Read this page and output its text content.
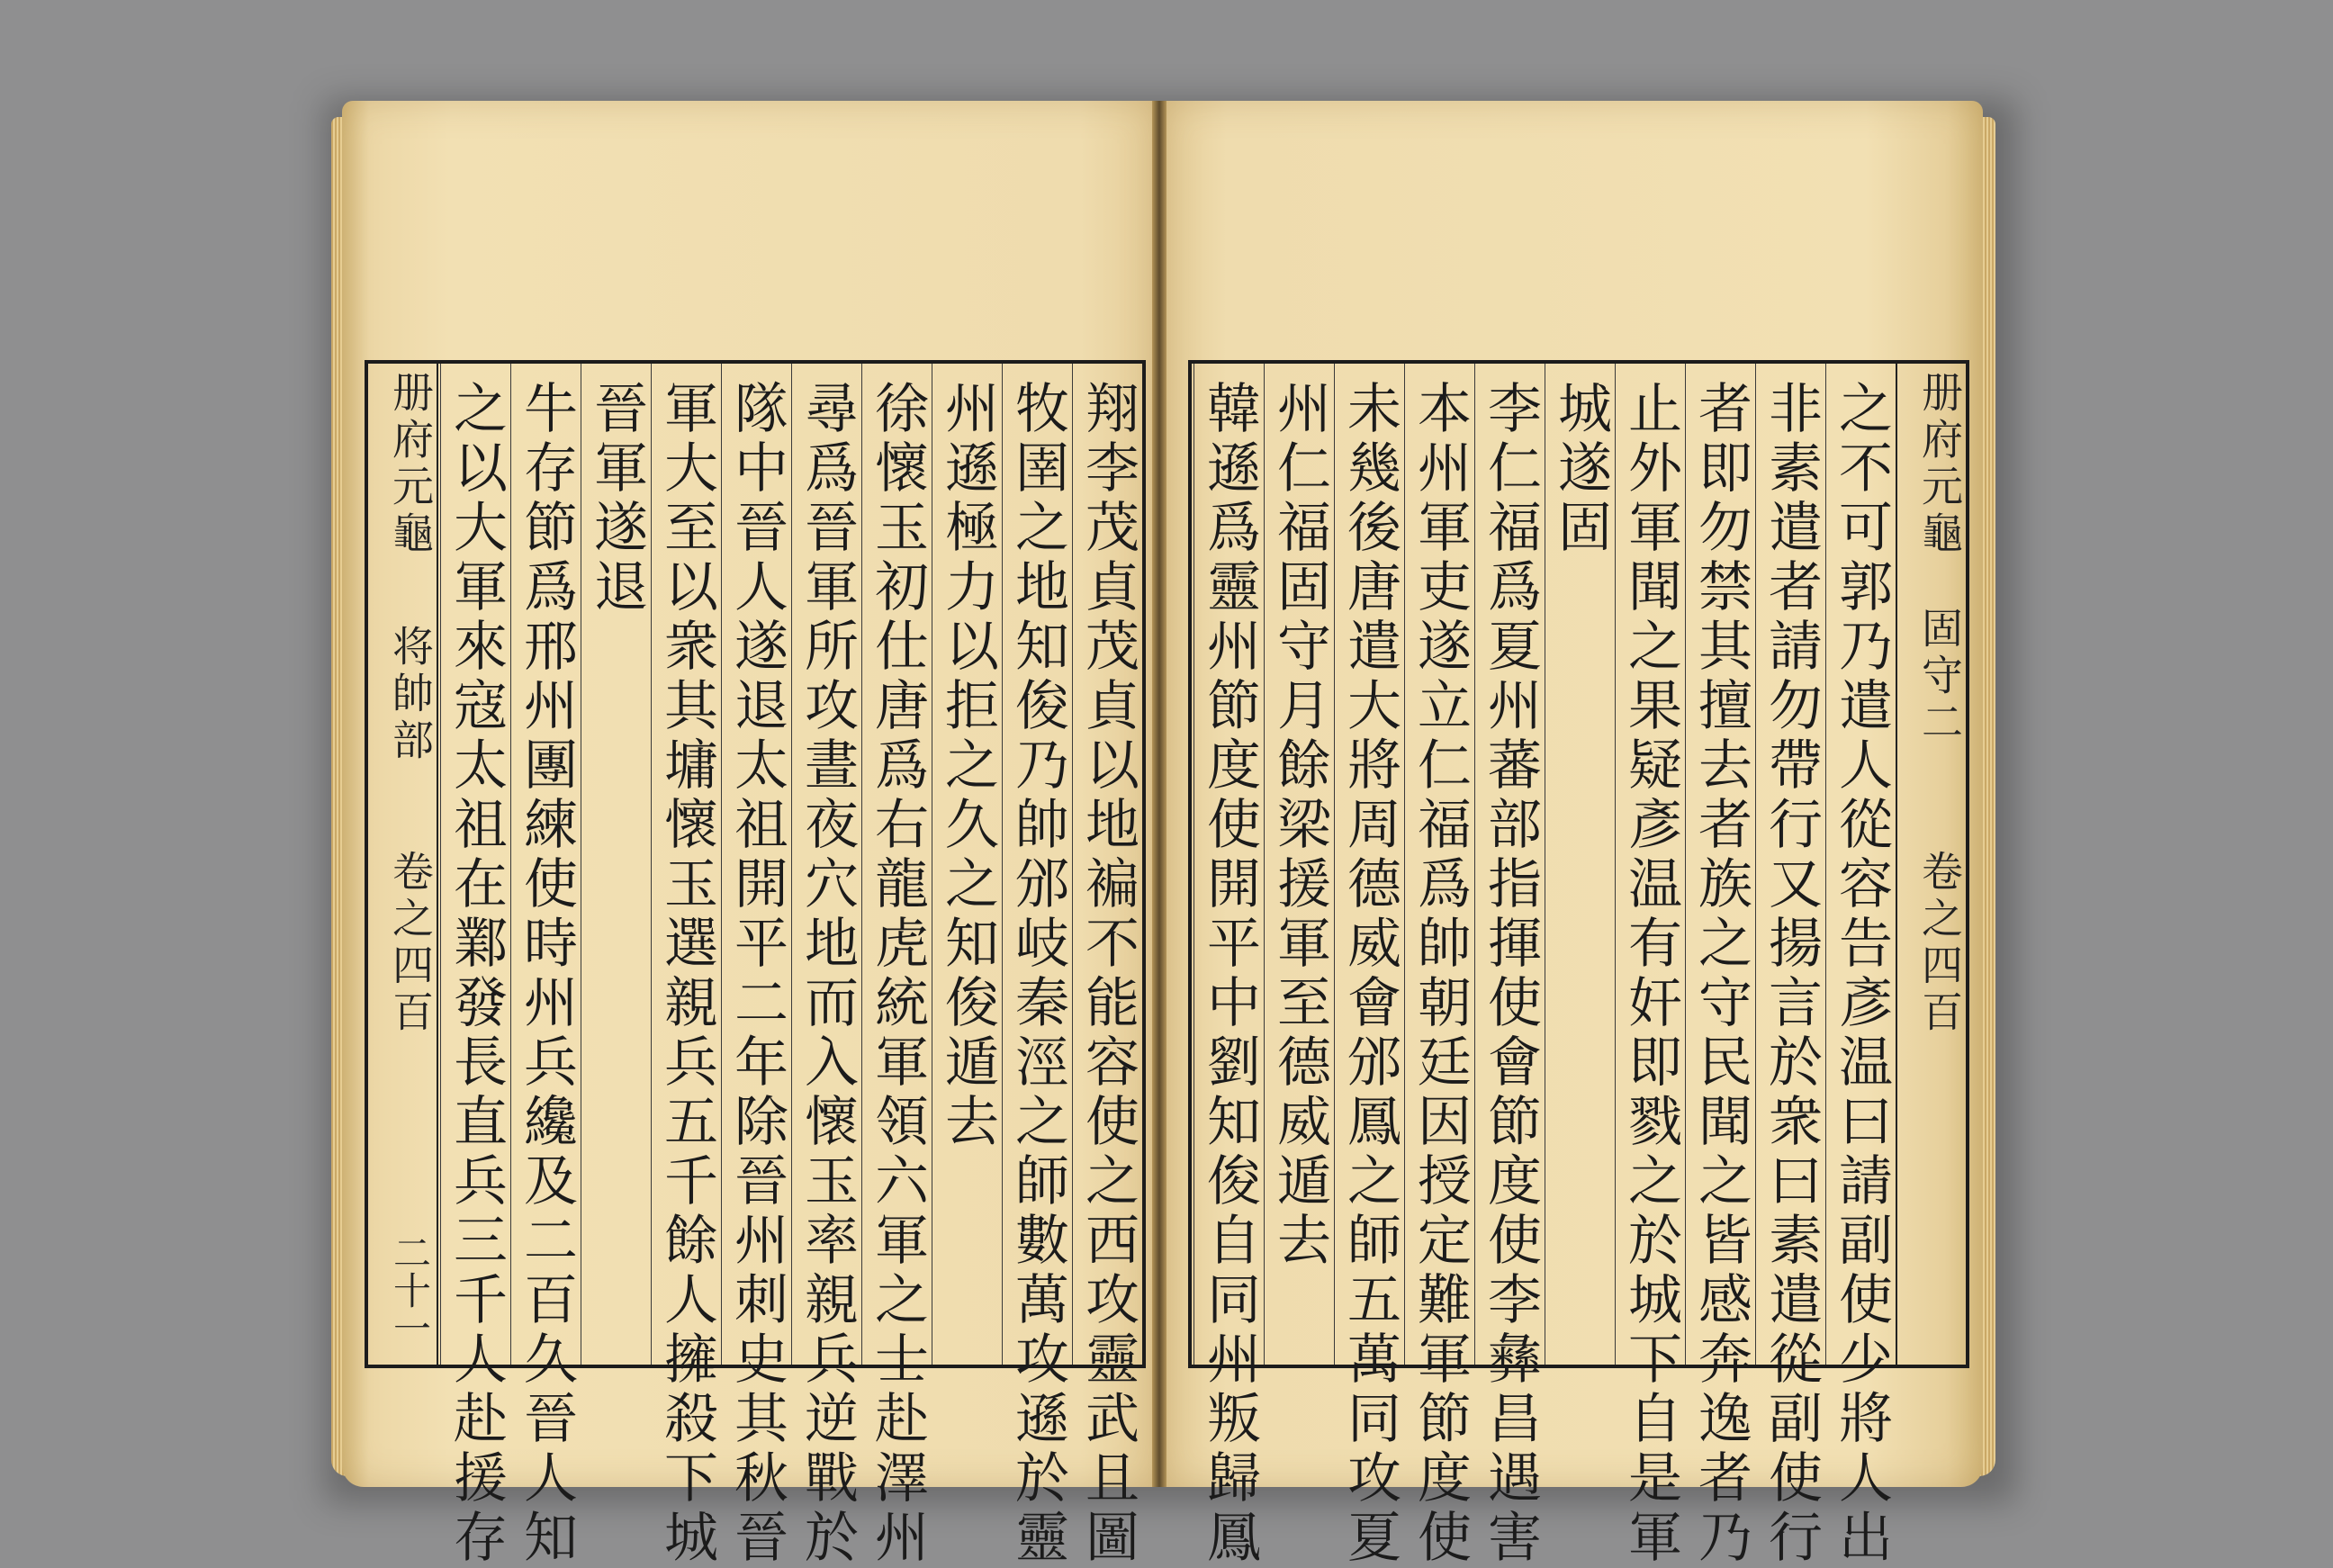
册府元龜
将帥部
卷之四百
二十一	翔李茂貞茂貞以地褊不能容使之西攻靈武且圖
牧圉之地知俊乃帥邠岐秦涇之師數萬攻遜於靈
州遜極力以拒之久之知俊遁去
徐懷玉初仕唐爲右龍虎統軍領六軍之士赴澤州
尋爲晉軍所攻晝夜穴地而入懷玉率親兵逆戰於
隊中晉人遂退太祖開平二年除晉州刺史其秋晉
軍大至以衆其墉懷玉選親兵五千餘人擁殺下城
晉軍遂退
牛存節爲邢州團練使時州兵纔及二百久晉人知
之以大軍來寇太祖在鄴發長直兵三千人赴援存	册府元龜
固守二
卷之四百
之不可郭乃遣人從容告彥温曰請副使少將人出
非素遣者請勿帶行又揚言於衆曰素遣從副使行
者即勿禁其擅去者族之守民聞之皆感奔逸者乃
止外軍聞之果疑彥温有奸即戮之於城下自是軍
城遂固
李仁福爲夏州蕃部指揮使會節度使李彝昌遇害
本州軍吏遂立仁福爲帥朝廷因授定難軍節度使
未幾後唐遣大將周德威會邠鳳之師五萬同攻夏
州仁福固守月餘梁援軍至德威遁去
韓遜爲靈州節度使開平中劉知俊自同州叛歸鳳
